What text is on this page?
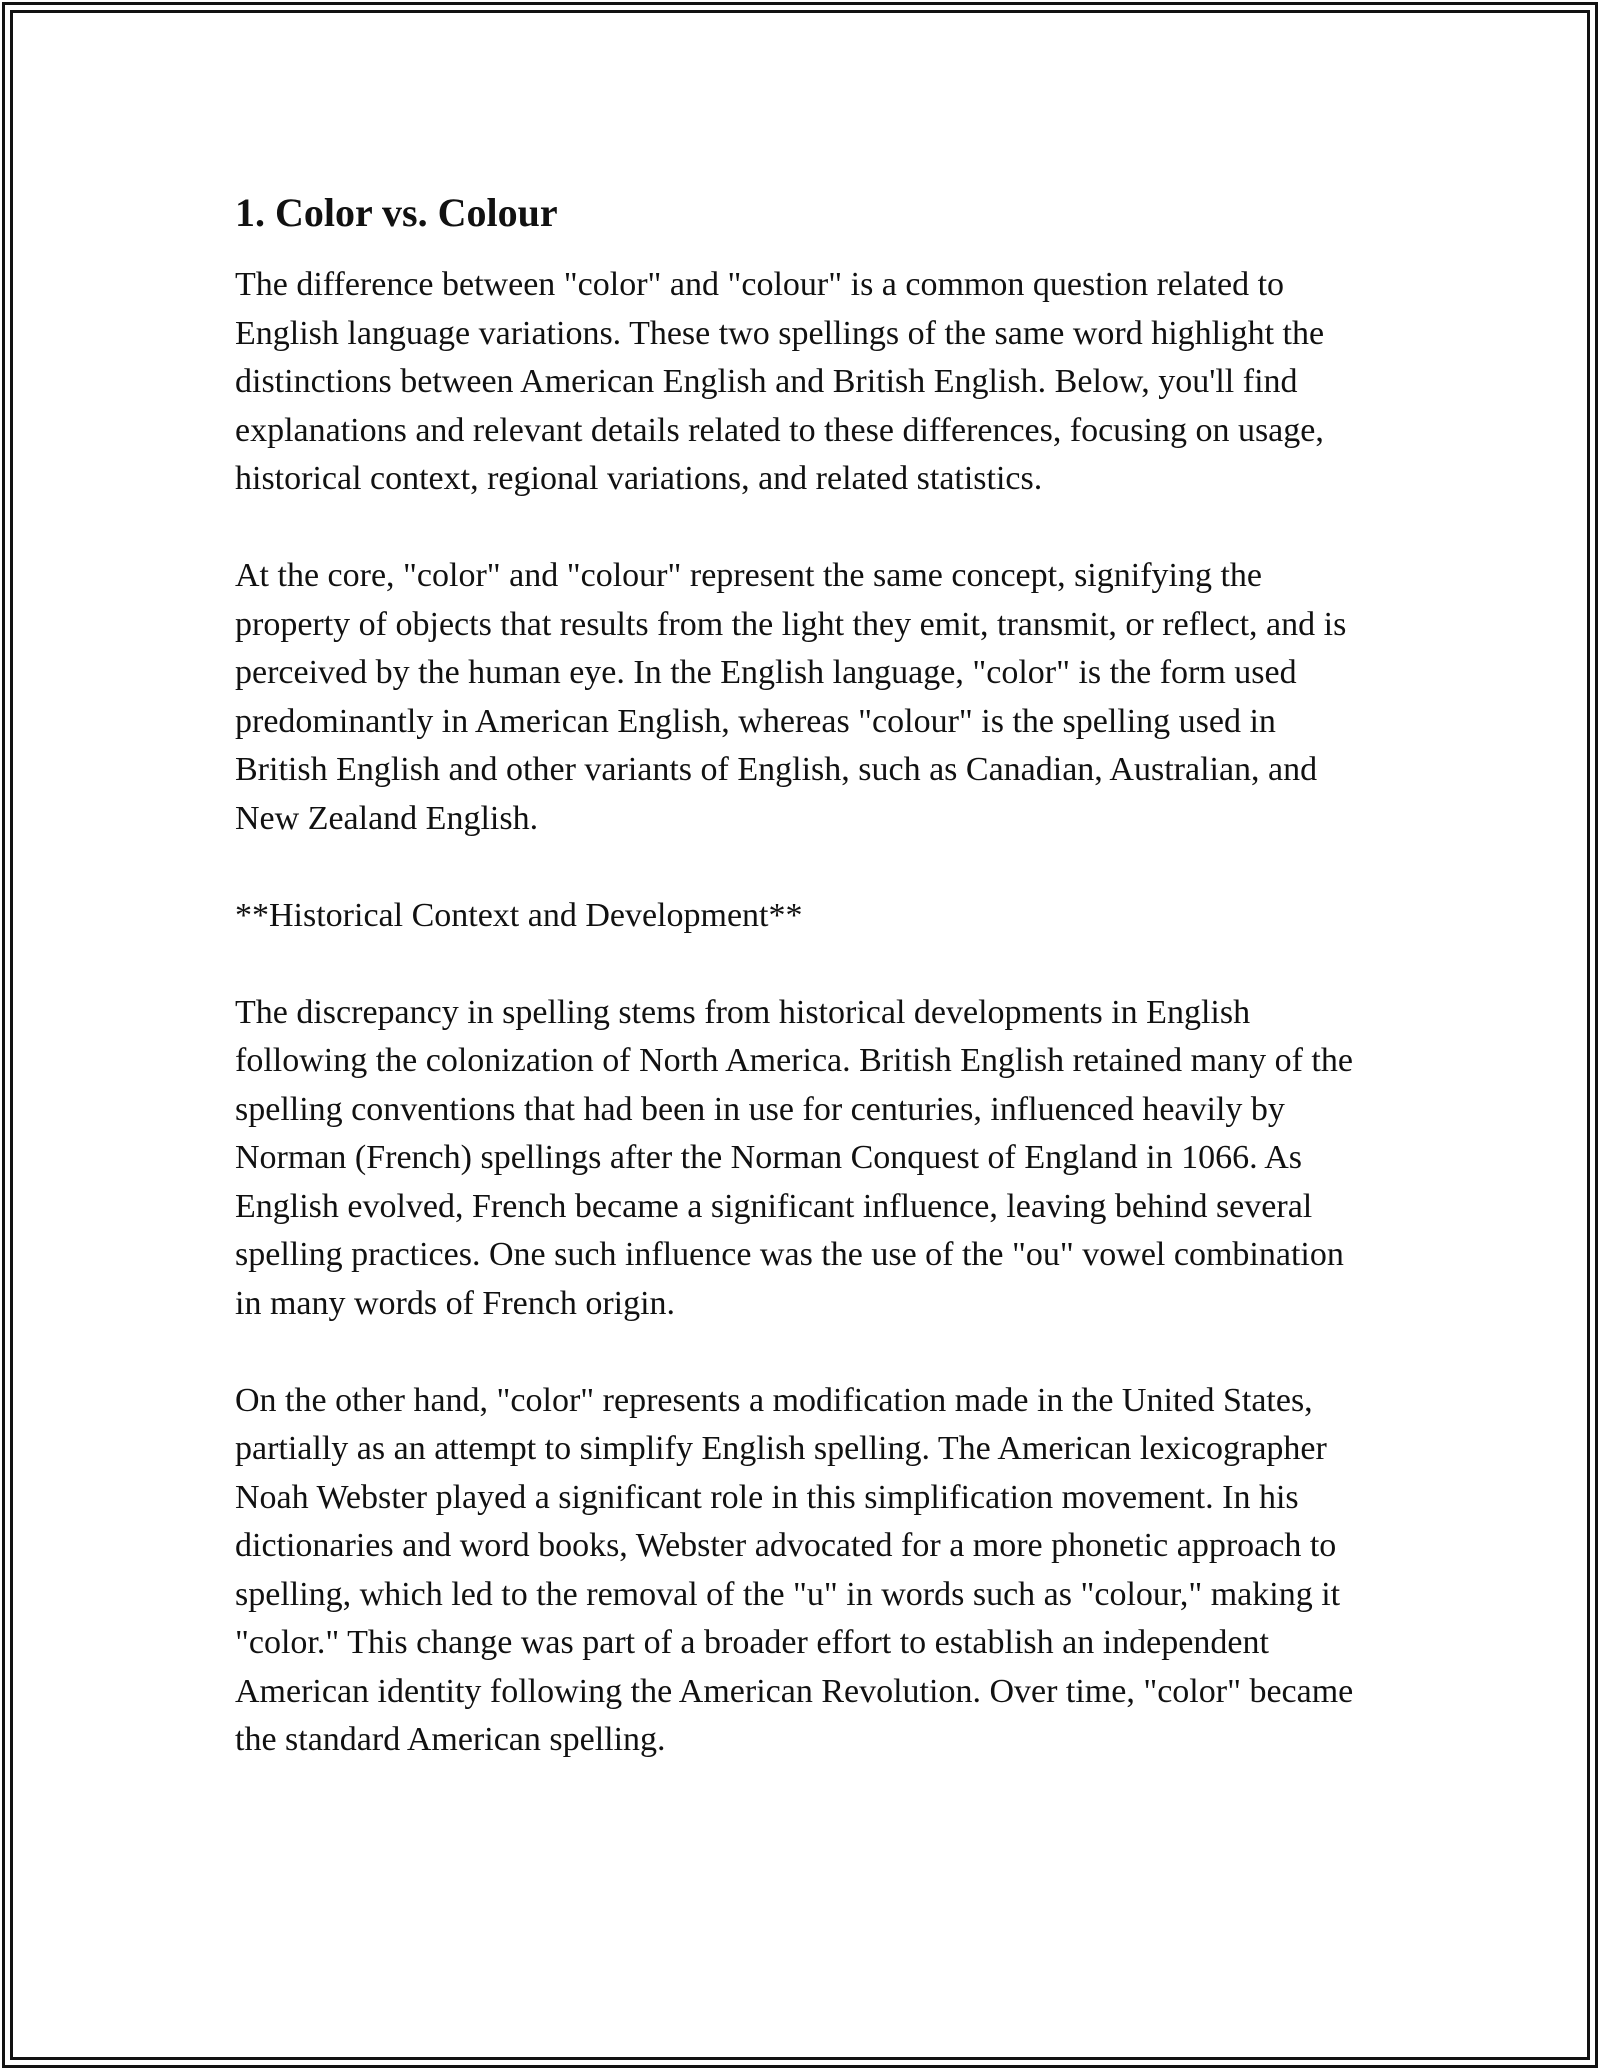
1. Color vs. Colour

The difference between "color" and "colour" is a common question related to English language variations. These two spellings of the same word highlight the distinctions between American English and British English. Below, you'll find explanations and relevant details related to these differences, focusing on usage, historical context, regional variations, and related statistics.

At the core, "color" and "colour" represent the same concept, signifying the property of objects that results from the light they emit, transmit, or reflect, and is perceived by the human eye. In the English language, "color" is the form used predominantly in American English, whereas "colour" is the spelling used in British English and other variants of English, such as Canadian, Australian, and New Zealand English.

**Historical Context and Development**

The discrepancy in spelling stems from historical developments in English following the colonization of North America. British English retained many of the spelling conventions that had been in use for centuries, influenced heavily by Norman (French) spellings after the Norman Conquest of England in 1066. As English evolved, French became a significant influence, leaving behind several spelling practices. One such influence was the use of the "ou" vowel combination in many words of French origin.

On the other hand, "color" represents a modification made in the United States, partially as an attempt to simplify English spelling. The American lexicographer Noah Webster played a significant role in this simplification movement. In his dictionaries and word books, Webster advocated for a more phonetic approach to spelling, which led to the removal of the "u" in words such as "colour," making it "color." This change was part of a broader effort to establish an independent American identity following the American Revolution. Over time, "color" became the standard American spelling.
